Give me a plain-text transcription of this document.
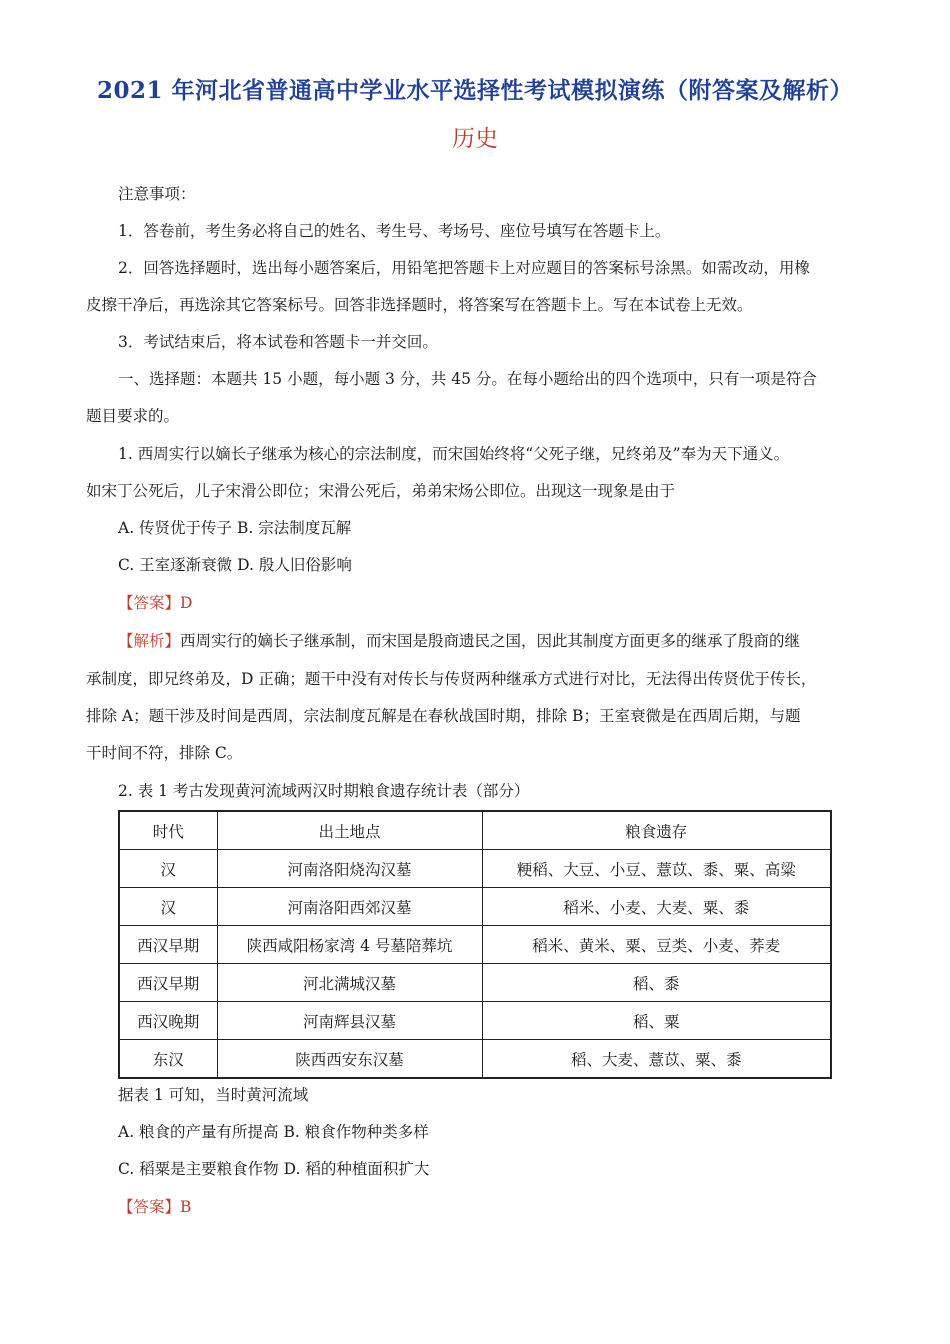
2021 年河北省普通高中学业水平选择性考试模拟演练（附答案及解析）
历史
注意事项：
1．答卷前，考生务必将自己的姓名、考生号、考场号、座位号填写在答题卡上。
2．回答选择题时，选出每小题答案后，用铅笔把答题卡上对应题目的答案标号涂黑。如需改动，用橡
皮擦干净后，再选涂其它答案标号。回答非选择题时，将答案写在答题卡上。写在本试卷上无效。
3．考试结束后，将本试卷和答题卡一并交回。
一、选择题：本题共 15 小题，每小题 3 分，共 45 分。在每小题给出的四个选项中，只有一项是符合
题目要求的。
1. 西周实行以嫡长子继承为核心的宗法制度，而宋国始终将“父死子继，兄终弟及”奉为天下通义。
如宋丁公死后，儿子宋滑公即位；宋滑公死后，弟弟宋炀公即位。出现这一现象是由于
A. 传贤优于传子 B. 宗法制度瓦解
C. 王室逐渐衰微 D. 殷人旧俗影响
【答案】D
【解析】西周实行的嫡长子继承制，而宋国是殷商遗民之国，因此其制度方面更多的继承了殷商的继
承制度，即兄终弟及，D 正确；题干中没有对传长与传贤两种继承方式进行对比，无法得出传贤优于传长，
排除 A；题干涉及时间是西周，宗法制度瓦解是在春秋战国时期，排除 B；王室衰微是在西周后期，与题
干时间不符，排除 C。
2. 表 1 考古发现黄河流域两汉时期粮食遗存统计表（部分）
时代	出土地点	粮食遗存
汉	河南洛阳烧沟汉墓	粳稻、大豆、小豆、薏苡、黍、粟、高粱
汉	河南洛阳西郊汉墓	稻米、小麦、大麦、粟、黍
西汉早期	陕西咸阳杨家湾 4 号墓陪葬坑	稻米、黄米、粟、豆类、小麦、荞麦
西汉早期	河北满城汉墓	稻、黍
西汉晚期	河南辉县汉墓	稻、粟
东汉	陕西西安东汉墓	稻、大麦、薏苡、粟、黍
据表 1 可知，当时黄河流域
A. 粮食的产量有所提高 B. 粮食作物种类多样
C. 稻粟是主要粮食作物 D. 稻的种植面积扩大
【答案】B
